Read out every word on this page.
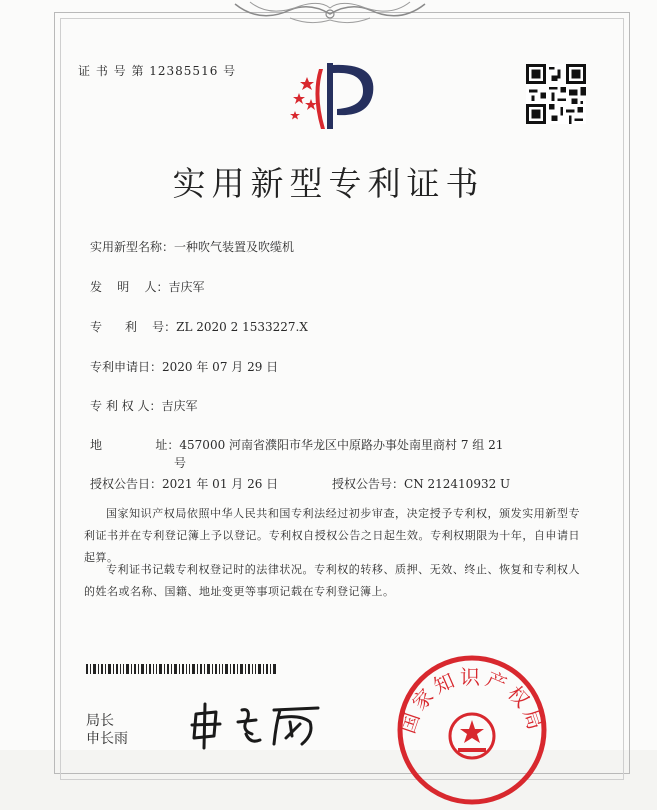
证 书 号 第 12385516 号
实用新型专利证书
实用新型名称：一种吹气装置及吹缆机
发    明    人：吉庆军
专      利    号：ZL 2020 2 1533227.X
专利申请日：2020 年 07 月 29 日
专 利 权 人：吉庆军
地              址：457000 河南省濮阳市华龙区中原路办事处南里商村 7 组 21
号
授权公告日：2021 年 01 月 26 日	授权公告号：CN 212410932 U
国家知识产权局依照中华人民共和国专利法经过初步审查，决定授予专利权，颁发实用新型专利证书并在专利登记簿上予以登记。专利权自授权公告之日起生效。专利权期限为十年，自申请日起算。
专利证书记载专利权登记时的法律状况。专利权的转移、质押、无效、终止、恢复和专利权人的姓名或名称、国籍、地址变更等事项记载在专利登记簿上。
局长
申长雨
国家知识产权局
